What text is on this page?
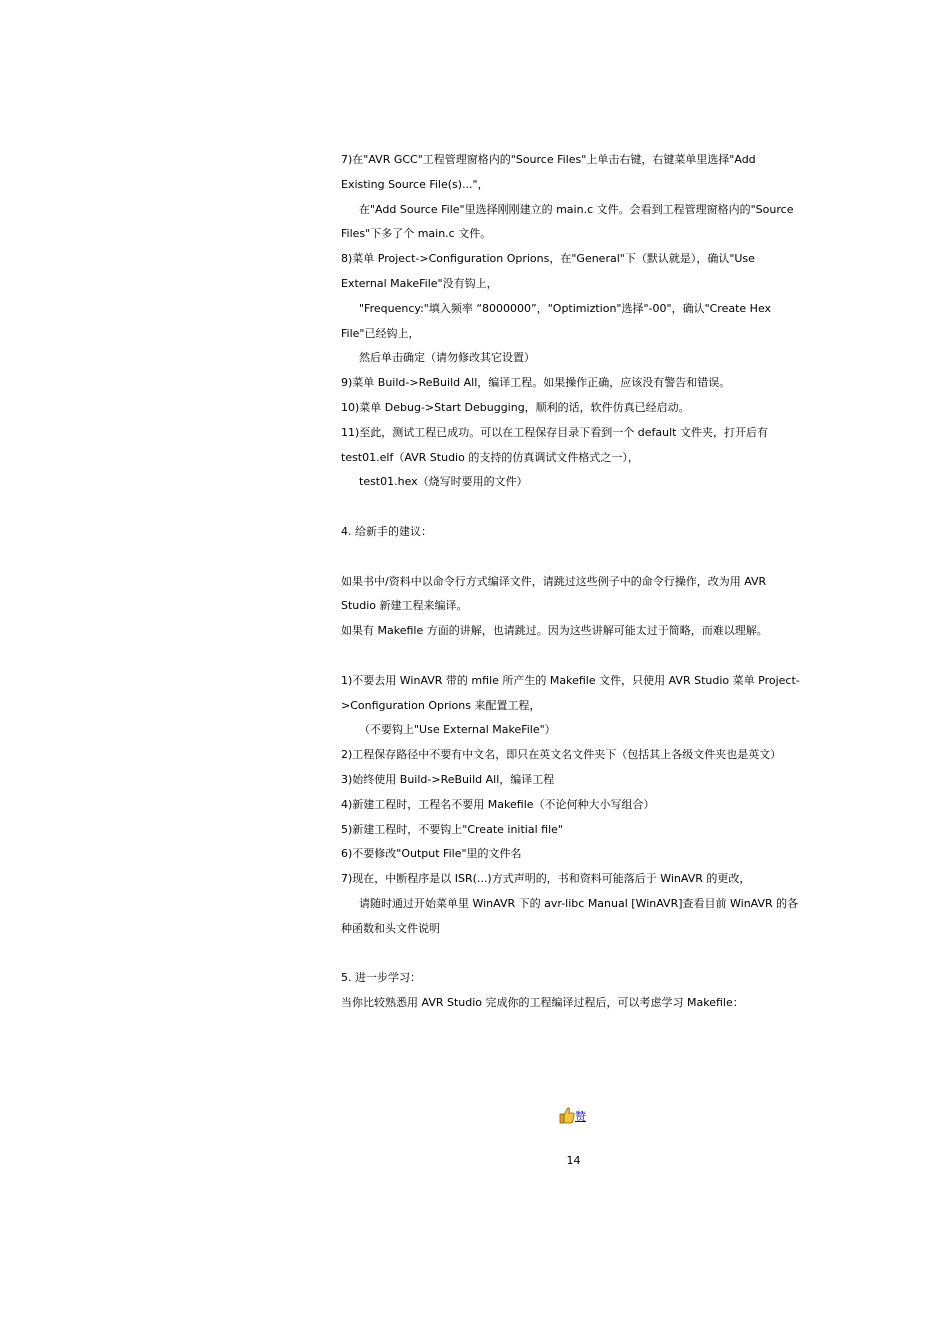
7)在"AVR GCC"工程管理窗格内的"Source Files"上单击右键，右键菜单里选择"Add
Existing Source File(s)..."，
在"Add Source File"里选择刚刚建立的 main.c 文件。会看到工程管理窗格内的"Source
Files"下多了个 main.c 文件。
8)菜单 Project->Configuration Oprions，在"General"下（默认就是），确认"Use
External MakeFile"没有钩上，
"Frequency:"填入频率 “8000000”，"Optimiztion"选择"-00"，确认"Create Hex
File"已经钩上，
然后单击确定（请勿修改其它设置）
9)菜单 Build->ReBuild All，编译工程。如果操作正确，应该没有警告和错误。
10)菜单 Debug->Start Debugging，顺利的话，软件仿真已经启动。
11)至此，测试工程已成功。可以在工程保存目录下看到一个 default 文件夹，打开后有
test01.elf（AVR Studio 的支持的仿真调试文件格式之一），
test01.hex（烧写时要用的文件）
4. 给新手的建议：
如果书中/资料中以命令行方式编译文件，请跳过这些例子中的命令行操作，改为用 AVR
Studio 新建工程来编译。
如果有 Makefile 方面的讲解，也请跳过。因为这些讲解可能太过于简略，而难以理解。
1)不要去用 WinAVR 带的 mfile 所产生的 Makefile 文件，只使用 AVR Studio 菜单 Project-
>Configuration Oprions 来配置工程，
（不要钩上"Use External MakeFile"）
2)工程保存路径中不要有中文名，即只在英文名文件夹下（包括其上各级文件夹也是英文）
3)始终使用 Build->ReBuild All，编译工程
4)新建工程时，工程名不要用 Makefile（不论何种大小写组合）
5)新建工程时，不要钩上"Create initial file"
6)不要修改"Output File"里的文件名
7)现在，中断程序是以 ISR(...)方式声明的，书和资料可能落后于 WinAVR 的更改，
请随时通过开始菜单里 WinAVR 下的 avr-libc Manual [WinAVR]查看目前 WinAVR 的各
种函数和头文件说明
5. 进一步学习：
当你比较熟悉用 AVR Studio 完成你的工程编译过程后，可以考虑学习 Makefile：
赞
14
